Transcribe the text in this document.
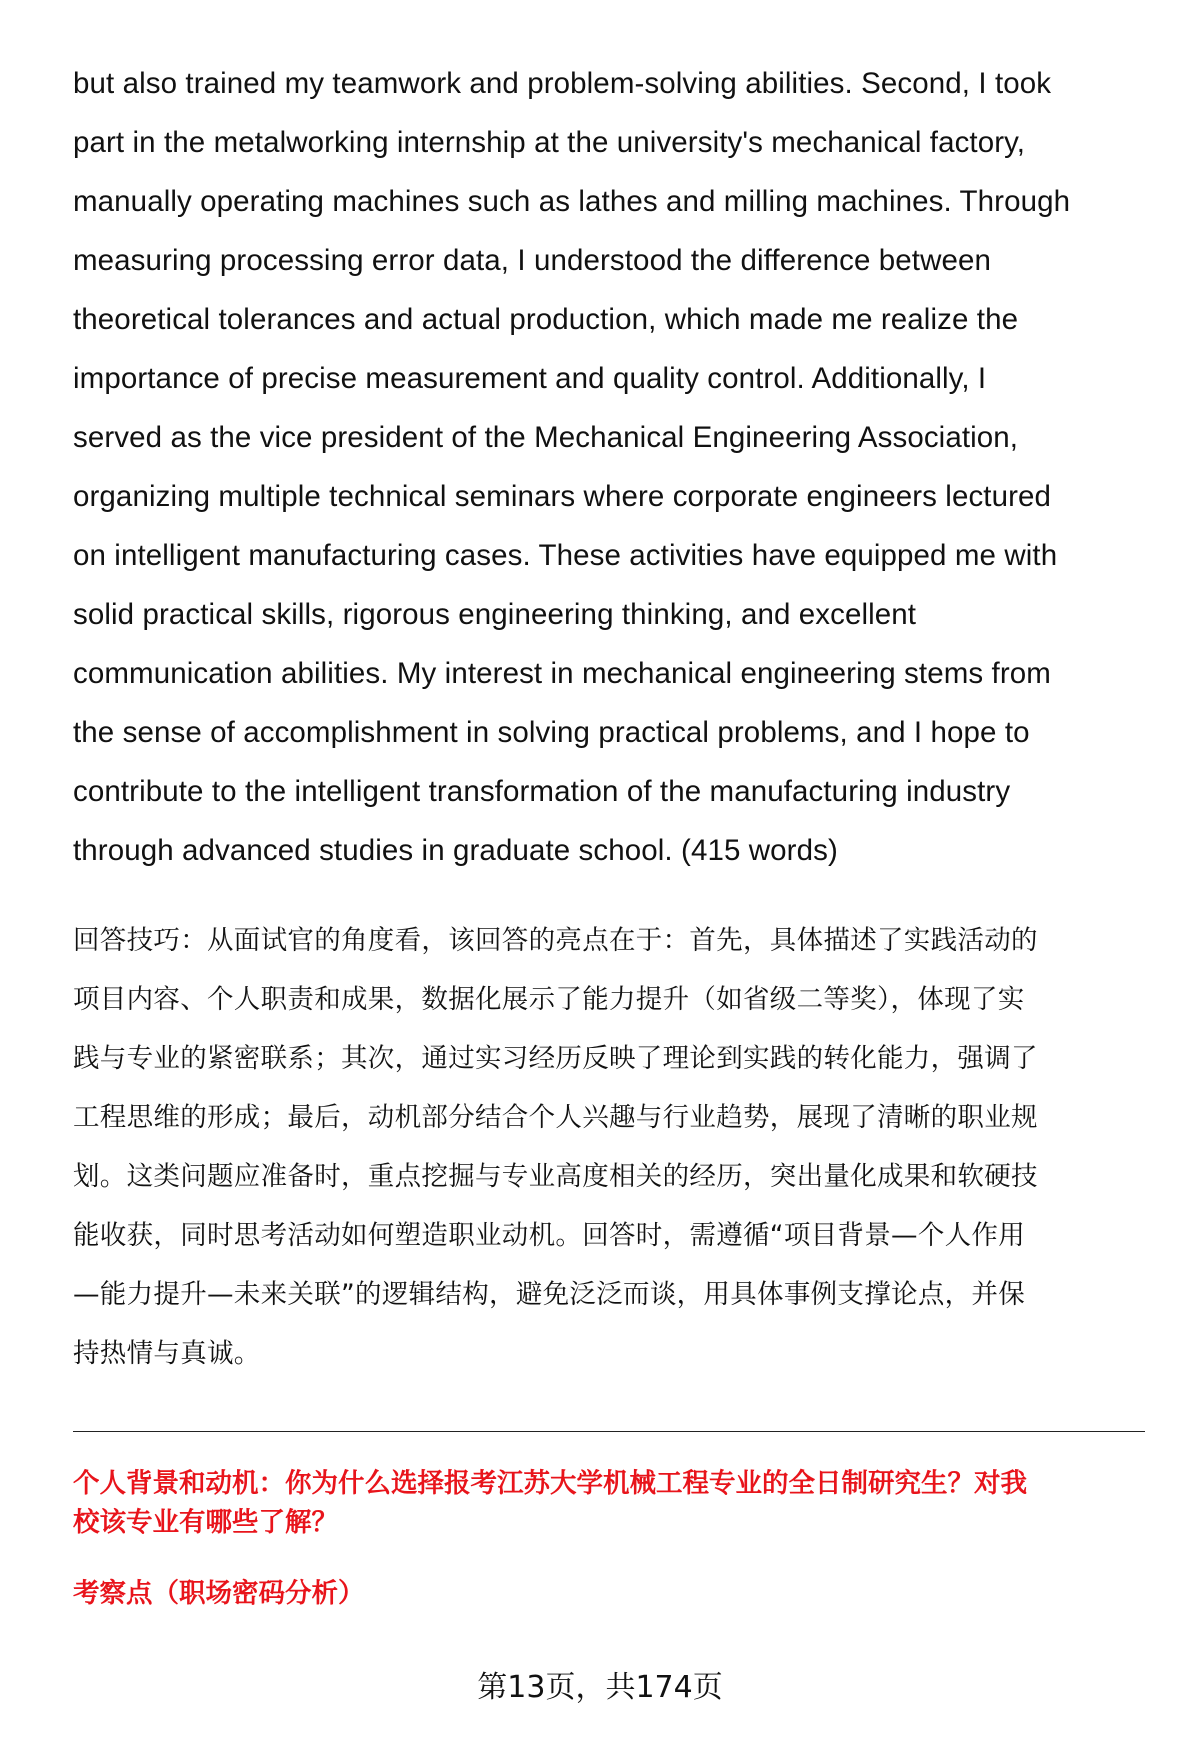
but also trained my teamwork and problem-solving abilities. Second, I took
part in the metalworking internship at the university's mechanical factory,
manually operating machines such as lathes and milling machines. Through
measuring processing error data, I understood the difference between
theoretical tolerances and actual production, which made me realize the
importance of precise measurement and quality control. Additionally, I
served as the vice president of the Mechanical Engineering Association,
organizing multiple technical seminars where corporate engineers lectured
on intelligent manufacturing cases. These activities have equipped me with
solid practical skills, rigorous engineering thinking, and excellent
communication abilities. My interest in mechanical engineering stems from
the sense of accomplishment in solving practical problems, and I hope to
contribute to the intelligent transformation of the manufacturing industry
through advanced studies in graduate school. (415 words)
回答技巧：从面试官的角度看，该回答的亮点在于：首先，具体描述了实践活动的
项目内容、个人职责和成果，数据化展示了能力提升（如省级二等奖），体现了实
践与专业的紧密联系；其次，通过实习经历反映了理论到实践的转化能力，强调了
工程思维的形成；最后，动机部分结合个人兴趣与行业趋势，展现了清晰的职业规
划。这类问题应准备时，重点挖掘与专业高度相关的经历，突出量化成果和软硬技
能收获，同时思考活动如何塑造职业动机。回答时，需遵循“项目背景—个人作用
—能力提升—未来关联”的逻辑结构，避免泛泛而谈，用具体事例支撑论点，并保
持热情与真诚。
个人背景和动机：你为什么选择报考江苏大学机械工程专业的全日制研究生？对我
校该专业有哪些了解？
考察点（职场密码分析）
第13页，共174页
